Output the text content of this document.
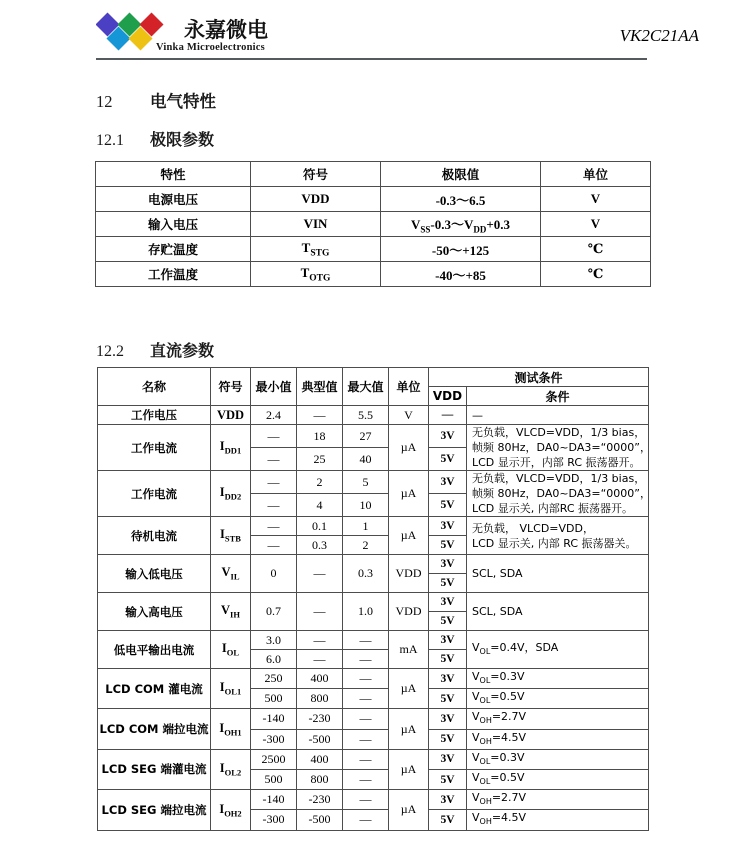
永嘉微电
Vinka Microelectronics
VK2C21AA
12 电气特性
12.1 极限参数
12.2 直流参数
特性	符号	极限值	单位
电源电压	VDD	-0.3～6.5	V
输入电压	VIN	$V_{SS}-0.3\sim V_{DD}+0.3$	V
存贮温度	$T_{STG}$	-50～+125	℃
工作温度	$T_{OTG}$	-40～+85	℃
名称	符号	最小值	典型值	最大值	单位	测试条件	
						VDD	条件
工作电压	VDD	2.4	—	5.5	V	—	—

工作电流	$I_{DD1}$	—	18	27	µA	3V	无负载，VLCD=VDD，1/3 bias，
帧频 80Hz，DA0~DA3=“0000”，
LCD 显示开，内部 RC 振荡器开。

		—	25	40		5V	
工作电流	$I_{DD2}$	—	2	5	µA	3V	无负载，VLCD=VDD，1/3 bias，
帧频 80Hz，DA0~DA3=“0000”，
LCD 显示关, 内部RC 振荡器开。

		—	4	10		5V	
待机电流	$I_{STB}$	—	0.1	1	µA	3V	无负载， VLCD=VDD，
LCD 显示关, 内部 RC 振荡器关。

		—	0.3	2		5V	
输入低电压	$V_{IL}$	0	—	0.3	VDD	3V	SCL, SDA

						5V	
输入高电压	$V_{IH}$	0.7	—	1.0	VDD	3V	SCL, SDA

						5V	
低电平输出电流	$I_{OL}$	3.0	—	—	mA	3V	$V_{OL}=0.4V$，SDA

		6.0	—	—		5V	
LCD COM 灌电流	$I_{OL1}$	250	400	—	µA	3V	$V_{OL}=0.3V$
		500	800	—		5V	$V_{OL}=0.5V$
LCD COM 端拉电流	$I_{OH1}$	-140	-230	—	µA	3V	$V_{OH}=2.7V$
		-300	-500	—		5V	$V_{OH}=4.5V$
LCD SEG 端灌电流	$I_{OL2}$	2500	400	—	µA	3V	$V_{OL}=0.3V$
		500	800	—		5V	$V_{OL}=0.5V$
LCD SEG 端拉电流	$I_{OH2}$	-140	-230	—	µA	3V	$V_{OH}=2.7V$
		-300	-500	—		5V	$V_{OH}=4.5V$
